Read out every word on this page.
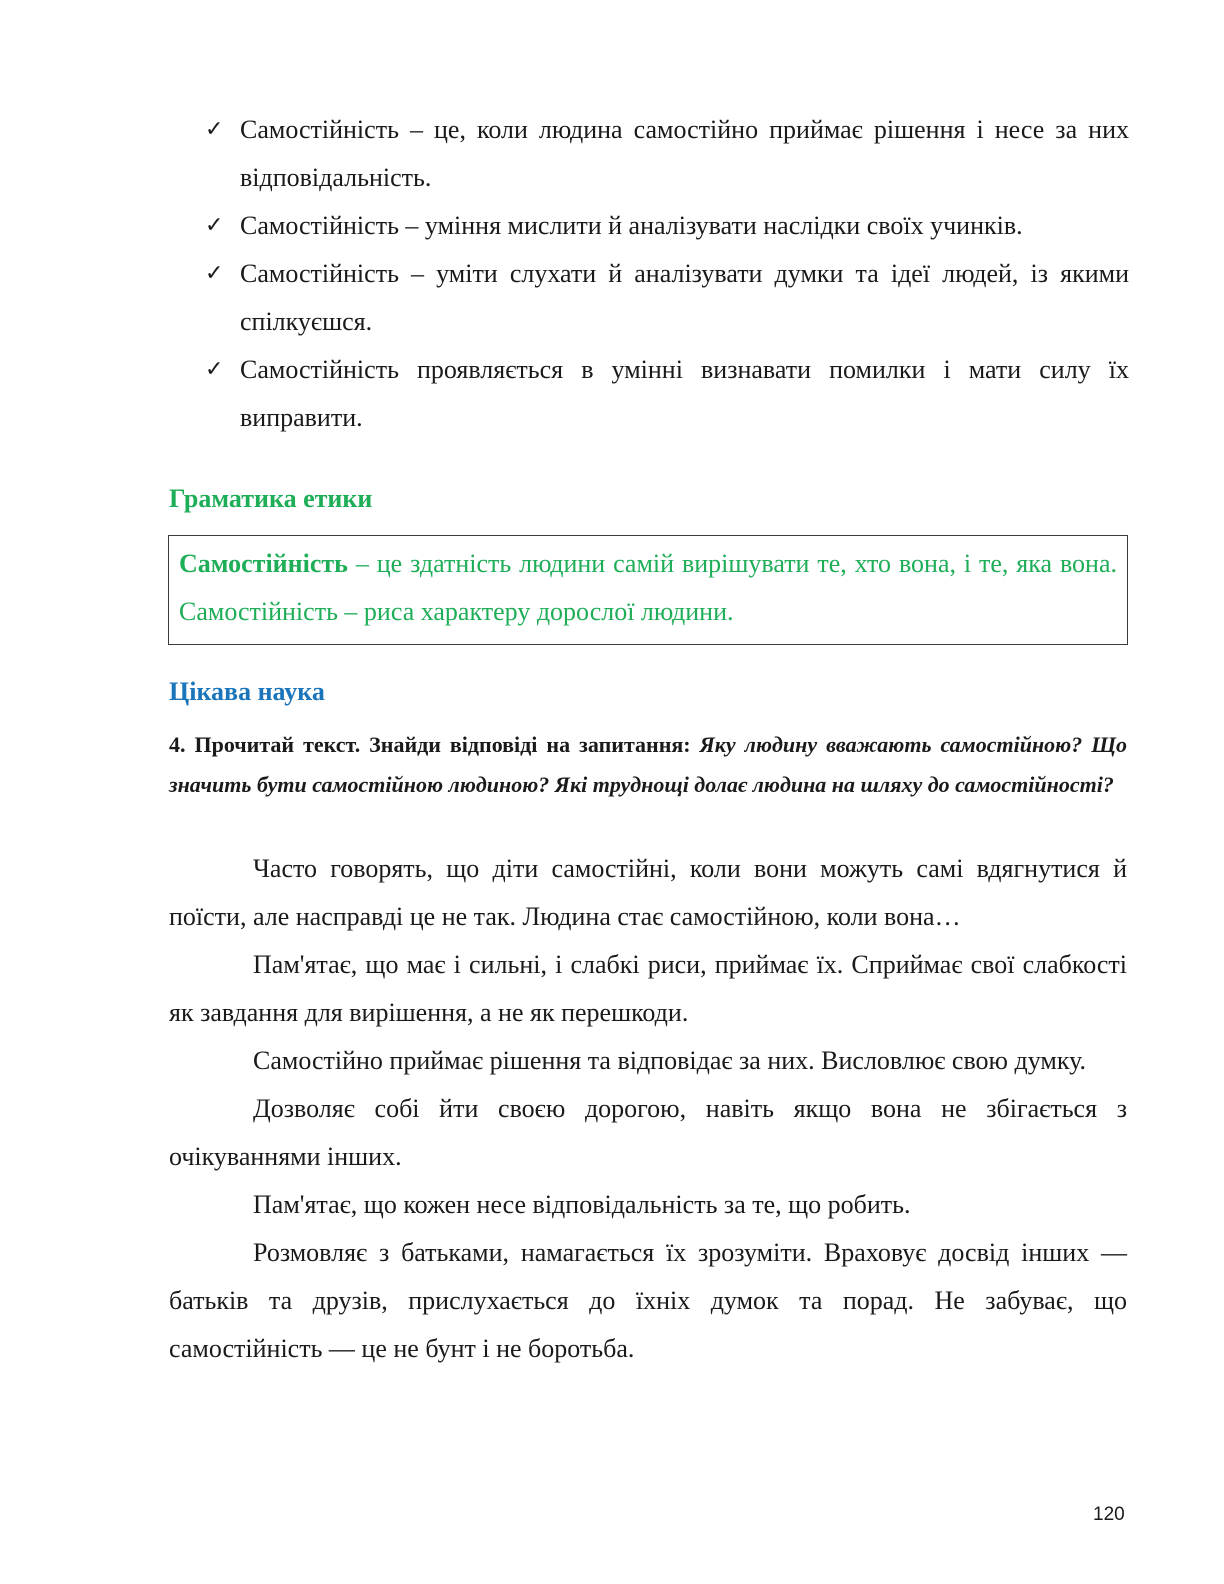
✓ Самостійність – це, коли людина самостійно приймає рішення і несе за них відповідальність.
✓ Самостійність – уміння мислити й аналізувати наслідки своїх учинків.
✓ Самостійність – уміти слухати й аналізувати думки та ідеї людей, із якими спілкуєшся.
✓ Самостійність проявляється в умінні визнавати помилки і мати силу їх виправити.
Граматика етики
Самостійність – це здатність людини самій вирішувати те, хто вона, і те, яка вона. Самостійність – риса характеру дорослої людини.
Цікава наука
4. Прочитай текст. Знайди відповіді на запитання: Яку людину вважають самостійною? Що значить бути самостійною людиною? Які труднощі долає людина на шляху до самостійності?

Часто говорять, що діти самостійні, коли вони можуть самі вдягнутися й поїсти, але насправді це не так. Людина стає самостійною, коли вона…

Пам'ятає, що має і сильні, і слабкі риси, приймає їх. Сприймає свої слабкості як завдання для вирішення, а не як перешкоди.

Самостійно приймає рішення та відповідає за них. Висловлює свою думку.

Дозволяє собі йти своєю дорогою, навіть якщо вона не збігається з очікуваннями інших.

Пам'ятає, що кожен несе відповідальність за те, що робить.

Розмовляє з батьками, намагається їх зрозуміти. Враховує досвід інших — батьків та друзів, прислухається до їхніх думок та порад. Не забуває, що самостійність — це не бунт і не боротьба.

120
